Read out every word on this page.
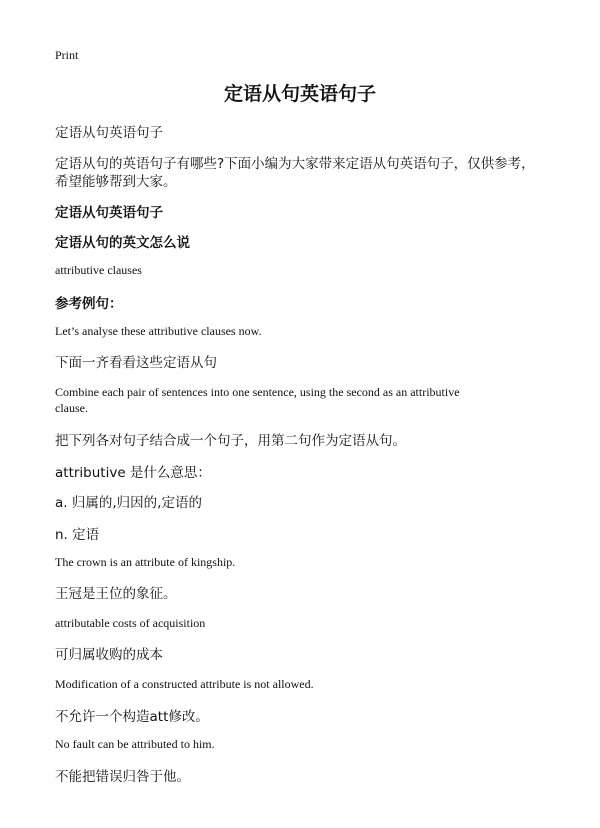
Print
定语从句英语句子
定语从句英语句子
定语从句的英语句子有哪些?下面小编为大家带来定语从句英语句子，仅供参考，
希望能够帮到大家。
定语从句英语句子
定语从句的英文怎么说
attributive clauses
参考例句：
Let’s analyse these attributive clauses now.
下面一齐看看这些定语从句
Combine each pair of sentences into one sentence, using the second as an attributive
clause.
把下列各对句子结合成一个句子，用第二句作为定语从句。
attributive 是什么意思：
a. 归属的,归因的,定语的
n. 定语
The crown is an attribute of kingship.
王冠是王位的象征。
attributable costs of acquisition
可归属收购的成本
Modification of a constructed attribute is not allowed.
不允许一个构造att修改。
No fault can be attributed to him.
不能把错误归咎于他。
